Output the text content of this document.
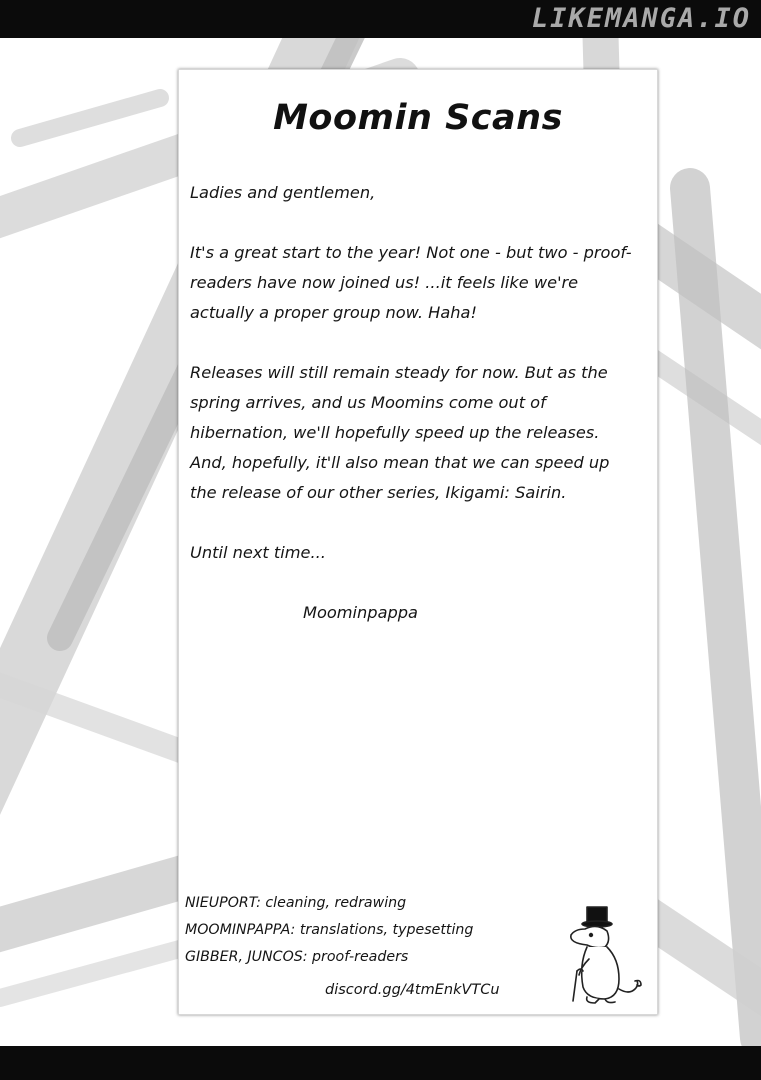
LIKEMANGA.IO
Moomin Scans
Ladies and gentlemen,
It's a great start to the year! Not one - but two - proof-readers have now joined us! ...it feels like we're actually a proper group now. Haha!
Releases will still remain steady for now. But as the spring arrives, and us Moomins come out of hibernation, we'll hopefully speed up the releases. And, hopefully, it'll also mean that we can speed up the release of our other series, Ikigami: Sairin.
Until next time...
Moominpappa
NIEUPORT: cleaning, redrawing
MOOMINPAPPA: translations, typesetting
GIBBER, JUNCOS: proof-readers
discord.gg/4tmEnkVTCu
